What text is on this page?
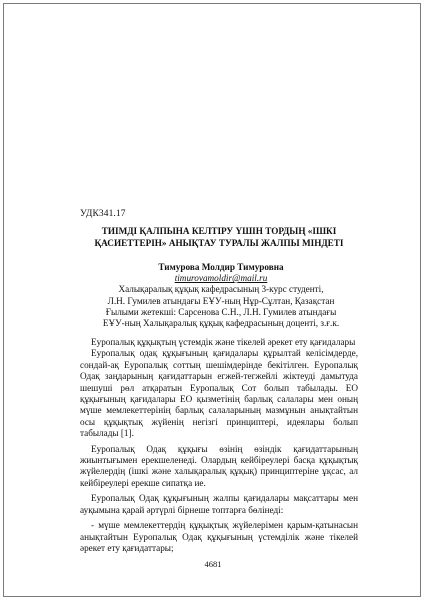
УДК341.17
ТИІМДІ ҚАЛПЫНА КЕЛТІРУ ҮШІН ТОРДЫҢ «ІШКІ
ҚАСИЕТТЕРІН» АНЫҚТАУ ТУРАЛЫ ЖАЛПЫ МІНДЕТІ
Тимурова Молдир Тимуровна
timurovamoldir@mail.ru
Халықаралық құқық кафедрасының 3-курс студенті,
Л.Н. Гумилев атындағы ЕҰУ-ның Нұр-Сұлтан, Қазақстан
Ғылыми жетекші: Сарсенова С.Н., Л.Н. Гумилев атындағы
ЕҰУ-ның Халықаралық құқық кафедрасының доценті, з.ғ.к.

Еуропалық құқықтың үстемдік және тікелей әрекет ету қағидалары

Еуропалық одақ құқығының қағидалары құрылтай келісімдерде, сондай-ақ Еуропалық соттың шешімдерінде бекітілген. Еуропалық Одақ заңдарының қағидаттарын егжей-тегжейлі жіктеуді дамытуда шешуші рөл атқаратын Еуропалық Сот болып табылады. ЕО құқығының қағидалары ЕО қызметінің барлық салалары мен оның мүше мемлекеттерінің барлық салаларының мазмұнын анықтайтын осы құқықтық жүйенің негізгі принциптері, идеялары болып табылады [1].

Еуропалық Одақ құқығы өзінің өзіндік қағидаттарының жиынтығымен ерекшеленеді. Олардың кейбіреулері басқа құқықтық жүйелердің (ішкі және халықаралық құқық) принциптеріне ұқсас, ал кейбіреулері ерекше сипатқа ие.

Еуропалық Одақ құқығының жалпы қағидалары мақсаттары мен ауқымына қарай әртүрлі бірнеше топтарға бөлінеді:

- мүше мемлекеттердің құқықтық жүйелерімен қарым-қатынасын анықтайтын Еуропалық Одақ құқығының үстемділік және тікелей әрекет ету қағидаттары;

4681
